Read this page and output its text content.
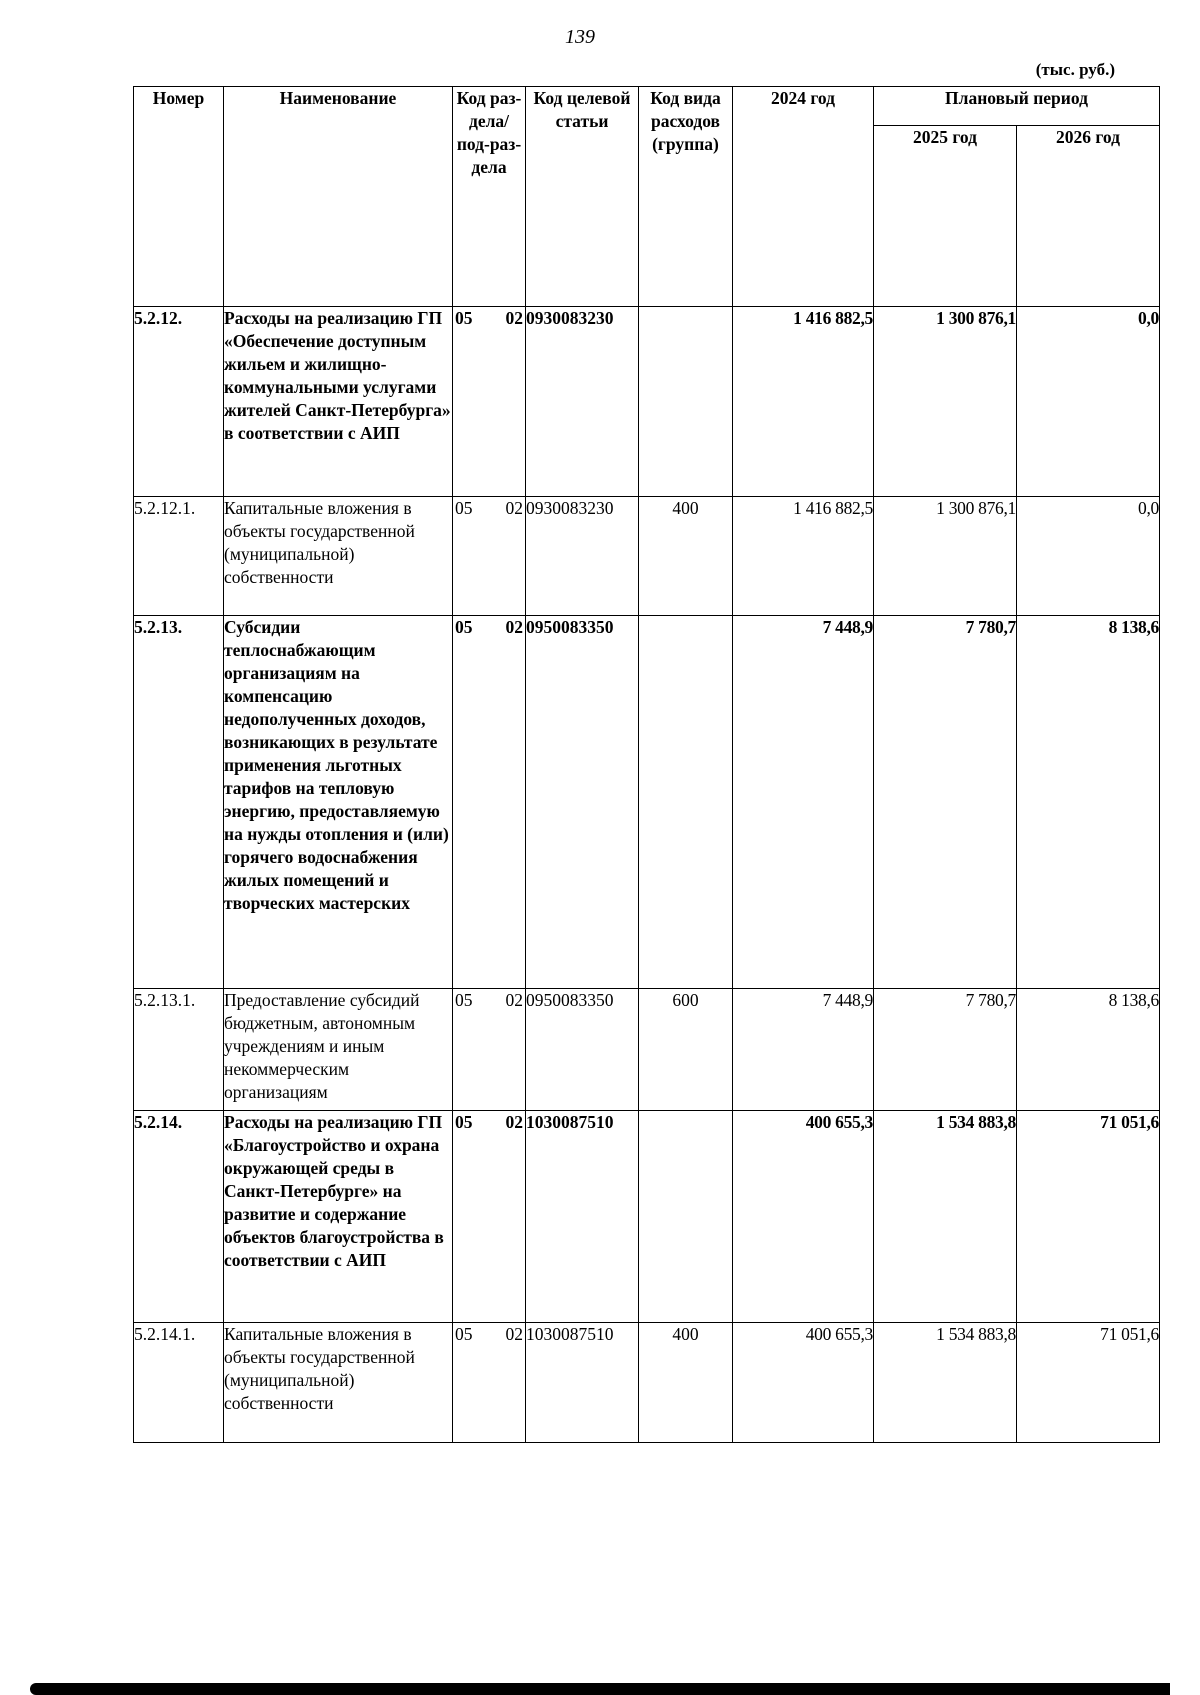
139
(тыс. руб.)
Номер	Наименование	Код раз-дела/под-раз-дела	Код целевой статьи	Код вида расходов (группа)	2024 год	Плановый период	
						2025 год	2026 год
5.2.12.	Расходы на реализацию ГП «Обеспечение доступным жильем и жилищно-коммунальными услугами жителей Санкт-Петербурга» в соответствии с АИП	05 02	0930083230		1 416 882,5	1 300 876,1	0,0
5.2.12.1.	Капитальные вложения в объекты государственной (муниципальной) собственности	05 02	0930083230	400	1 416 882,5	1 300 876,1	0,0
5.2.13.	Субсидии теплоснабжающим организациям на компенсацию недополученных доходов, возникающих в результате применения льготных тарифов на тепловую энергию, предоставляемую на нужды отопления и (или) горячего водоснабжения жилых помещений и творческих мастерских	05 02	0950083350		7 448,9	7 780,7	8 138,6
5.2.13.1.	Предоставление субсидий бюджетным, автономным учреждениям и иным некоммерческим организациям	05 02	0950083350	600	7 448,9	7 780,7	8 138,6
5.2.14.	Расходы на реализацию ГП «Благоустройство и охрана окружающей среды в Санкт-Петербурге» на развитие и содержание объектов благоустройства в соответствии с АИП	05 02	1030087510		400 655,3	1 534 883,8	71 051,6
5.2.14.1.	Капитальные вложения в объекты государственной (муниципальной) собственности	05 02	1030087510	400	400 655,3	1 534 883,8	71 051,6
